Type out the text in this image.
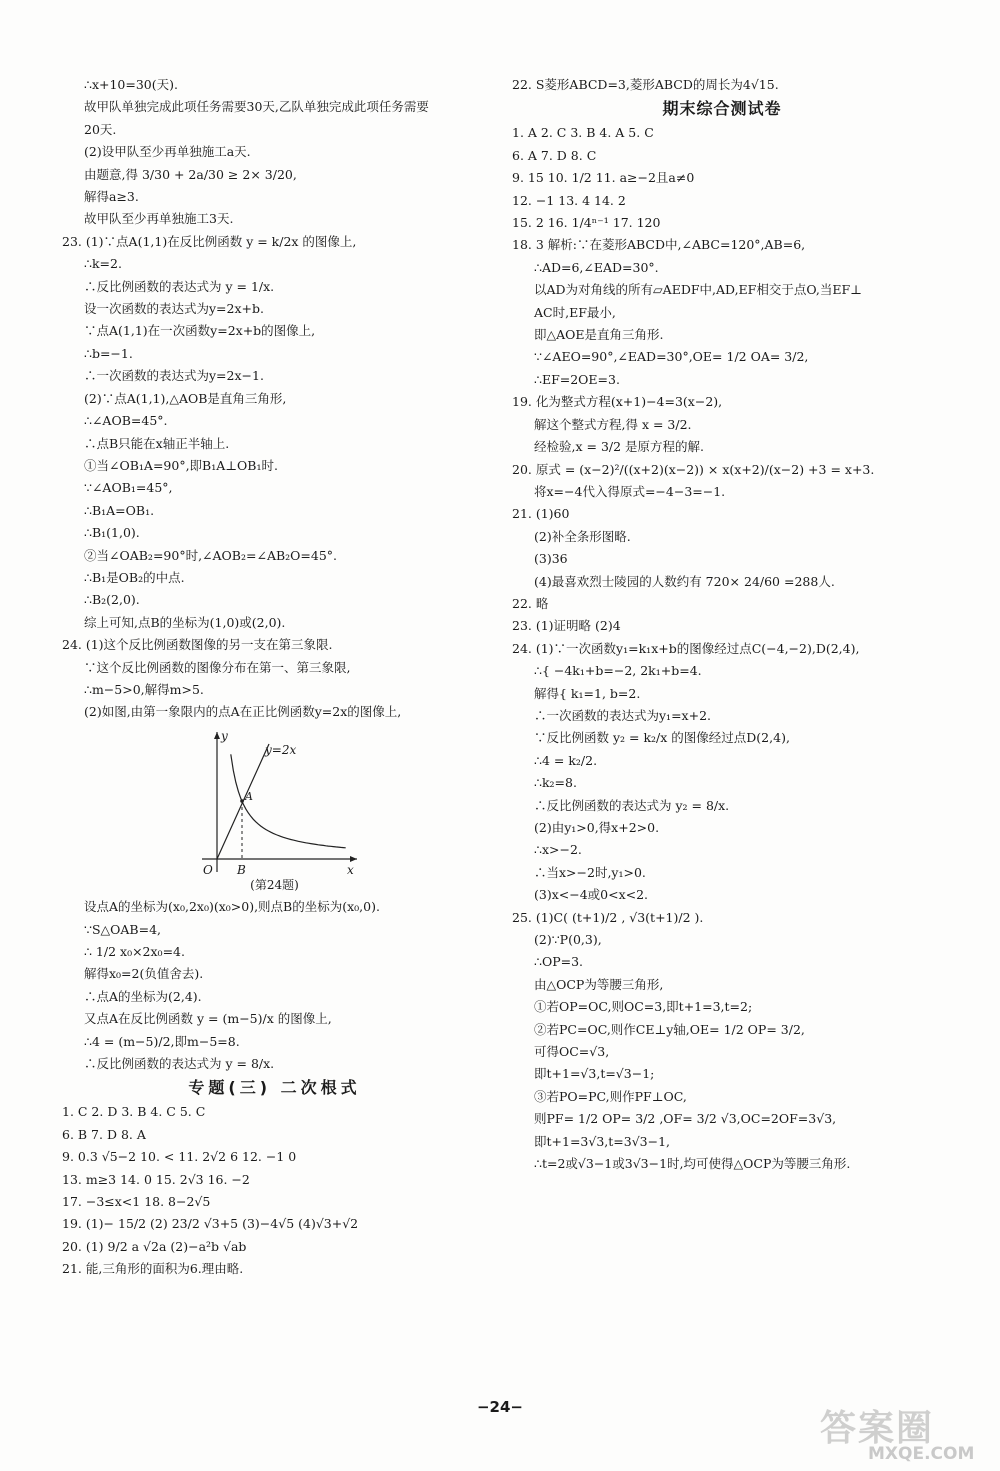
∴x+10=30(天).
故甲队单独完成此项任务需要30天,乙队单独完成此项任务需要
20天.
(2)设甲队至少再单独施工a天.
由题意,得 3/30 + 2a/30 ≥ 2× 3/20,
解得a≥3.
故甲队至少再单独施工3天.
23. (1)∵点A(1,1)在反比例函数 y = k/2x 的图像上,
∴k=2.
∴反比例函数的表达式为 y = 1/x.
设一次函数的表达式为y=2x+b.
∵点A(1,1)在一次函数y=2x+b的图像上,
∴b=−1.
∴一次函数的表达式为y=2x−1.
(2)∵点A(1,1),△AOB是直角三角形,
∴∠AOB=45°.
∴点B只能在x轴正半轴上.
①当∠OB₁A=90°,即B₁A⊥OB₁时.
∵∠AOB₁=45°,
∴B₁A=OB₁.
∴B₁(1,0).
②当∠OAB₂=90°时,∠AOB₂=∠AB₂O=45°.
∴B₁是OB₂的中点.
∴B₂(2,0).
综上可知,点B的坐标为(1,0)或(2,0).
24. (1)这个反比例函数图像的另一支在第三象限.
∵这个反比例函数的图像分布在第一、第三象限,
∴m−5>0,解得m>5.
(2)如图,由第一象限内的点A在正比例函数y=2x的图像上,
y
x
O
y=2x
A
B
(第24题)
设点A的坐标为(x₀,2x₀)(x₀>0),则点B的坐标为(x₀,0).
∵S△OAB=4,
∴ 1/2 x₀×2x₀=4.
解得x₀=2(负值舍去).
∴点A的坐标为(2,4).
又点A在反比例函数 y = (m−5)/x 的图像上,
∴4 = (m−5)/2,即m−5=8.
∴反比例函数的表达式为 y = 8/x.
专题(三) 二次根式
1. C 2. D 3. B 4. C 5. C
6. B 7. D 8. A
9. 0.3 √5−2 10. < 11. 2√2 6 12. −1 0
13. m≥3 14. 0 15. 2√3 16. −2
17. −3≤x<1 18. 8−2√5
19. (1)− 15/2 (2) 23/2 √3+5 (3)−4√5 (4)√3+√2
20. (1) 9/2 a √2a (2)−a²b √ab
21. 能,三角形的面积为6.理由略.
22. S菱形ABCD=3,菱形ABCD的周长为4√15.
期末综合测试卷
1. A 2. C 3. B 4. A 5. C
6. A 7. D 8. C
9. 15 10. 1/2 11. a≥−2且a≠0
12. −1 13. 4 14. 2
15. 2 16. 1/4ⁿ⁻¹ 17. 120
18. 3 解析:∵在菱形ABCD中,∠ABC=120°,AB=6,
∴AD=6,∠EAD=30°.
以AD为对角线的所有▱AEDF中,AD,EF相交于点O,当EF⊥
AC时,EF最小,
即△AOE是直角三角形.
∵∠AEO=90°,∠EAD=30°,OE= 1/2 OA= 3/2,
∴EF=2OE=3.
19. 化为整式方程(x+1)−4=3(x−2),
解这个整式方程,得 x = 3/2.
经检验,x = 3/2 是原方程的解.
20. 原式 = (x−2)²/((x+2)(x−2)) × x(x+2)/(x−2) +3 = x+3.
将x=−4代入得原式=−4−3=−1.
21. (1)60
(2)补全条形图略.
(3)36
(4)最喜欢烈士陵园的人数约有 720× 24/60 =288人.
22. 略
23. (1)证明略 (2)4
24. (1)∵一次函数y₁=k₁x+b的图像经过点C(−4,−2),D(2,4),
∴{ −4k₁+b=−2, 2k₁+b=4.
解得{ k₁=1, b=2.
∴一次函数的表达式为y₁=x+2.
∵反比例函数 y₂ = k₂/x 的图像经过点D(2,4),
∴4 = k₂/2.
∴k₂=8.
∴反比例函数的表达式为 y₂ = 8/x.
(2)由y₁>0,得x+2>0.
∴x>−2.
∴当x>−2时,y₁>0.
(3)x<−4或0<x<2.
25. (1)C( (t+1)/2 , √3(t+1)/2 ).
(2)∵P(0,3),
∴OP=3.
由△OCP为等腰三角形,
①若OP=OC,则OC=3,即t+1=3,t=2;
②若PC=OC,则作CE⊥y轴,OE= 1/2 OP= 3/2,
可得OC=√3,
即t+1=√3,t=√3−1;
③若PO=PC,则作PF⊥OC,
则PF= 1/2 OP= 3/2 ,OF= 3/2 √3,OC=2OF=3√3,
即t+1=3√3,t=3√3−1,
∴t=2或√3−1或3√3−1时,均可使得△OCP为等腰三角形.
−24−
答案圈
MXQE.COM
